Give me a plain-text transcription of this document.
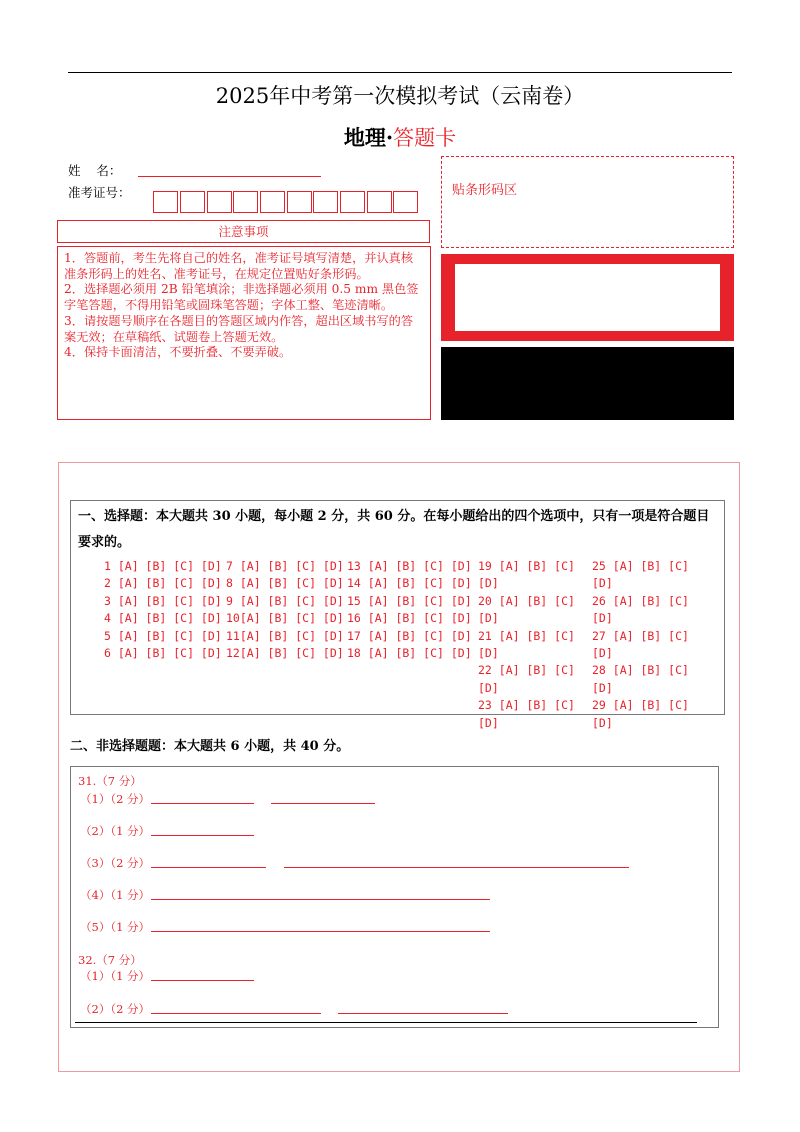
2025年中考第一次模拟考试（云南卷）
地理·答题卡
姓    名：
准考证号：	贴条形码区
注意事项

1．答题前，考生先将自己的姓名，准考证号填写清楚，并认真核准条形码上的姓名、准考证号，在规定位置贴好条形码。

2．选择题必须用 2B 铅笔填涂；非选择题必须用 0.5 mm 黑色签字笔答题，不得用铅笔或圆珠笔答题；字体工整、笔迹清晰。

3．请按题号顺序在各题目的答题区域内作答，超出区域书写的答案无效；在草稿纸、试题卷上答题无效。

4．保持卡面清洁，不要折叠、不要弄破。

一、选择题：本大题共 30 小题，每小题 2 分，共 60 分。在每小题给出的四个选项中，只有一项是符合题目要求的。
1 [A] [B] [C] [D]
2 [A] [B] [C] [D]
3 [A] [B] [C] [D]
4 [A] [B] [C] [D]
5 [A] [B] [C] [D]
6 [A] [B] [C] [D]
7 [A] [B] [C] [D]
8 [A] [B] [C] [D]
9 [A] [B] [C] [D]
10[A] [B] [C] [D]
11[A] [B] [C] [D]
12[A] [B] [C] [D]
13 [A] [B] [C] [D]
14 [A] [B] [C] [D]
15 [A] [B] [C] [D]
16 [A] [B] [C] [D]
17 [A] [B] [C] [D]
18 [A] [B] [C] [D]
19 [A] [B] [C]
[D]
20 [A] [B] [C]
[D]
21 [A] [B] [C]
[D]
22 [A] [B] [C]
[D]
23 [A] [B] [C]
[D]
25 [A] [B] [C]
[D]
26 [A] [B] [C]
[D]
27 [A] [B] [C]
[D]
28 [A] [B] [C]
[D]
29 [A] [B] [C]
[D]
二、非选择题题：本大题共 6 小题，共 40 分。
31.（7 分）
（1）（2 分）
（2）（1 分）
（3）（2 分）
（4）（1 分）
（5）（1 分）
32.（7 分）
（1）（1 分）
（2）（2 分）
